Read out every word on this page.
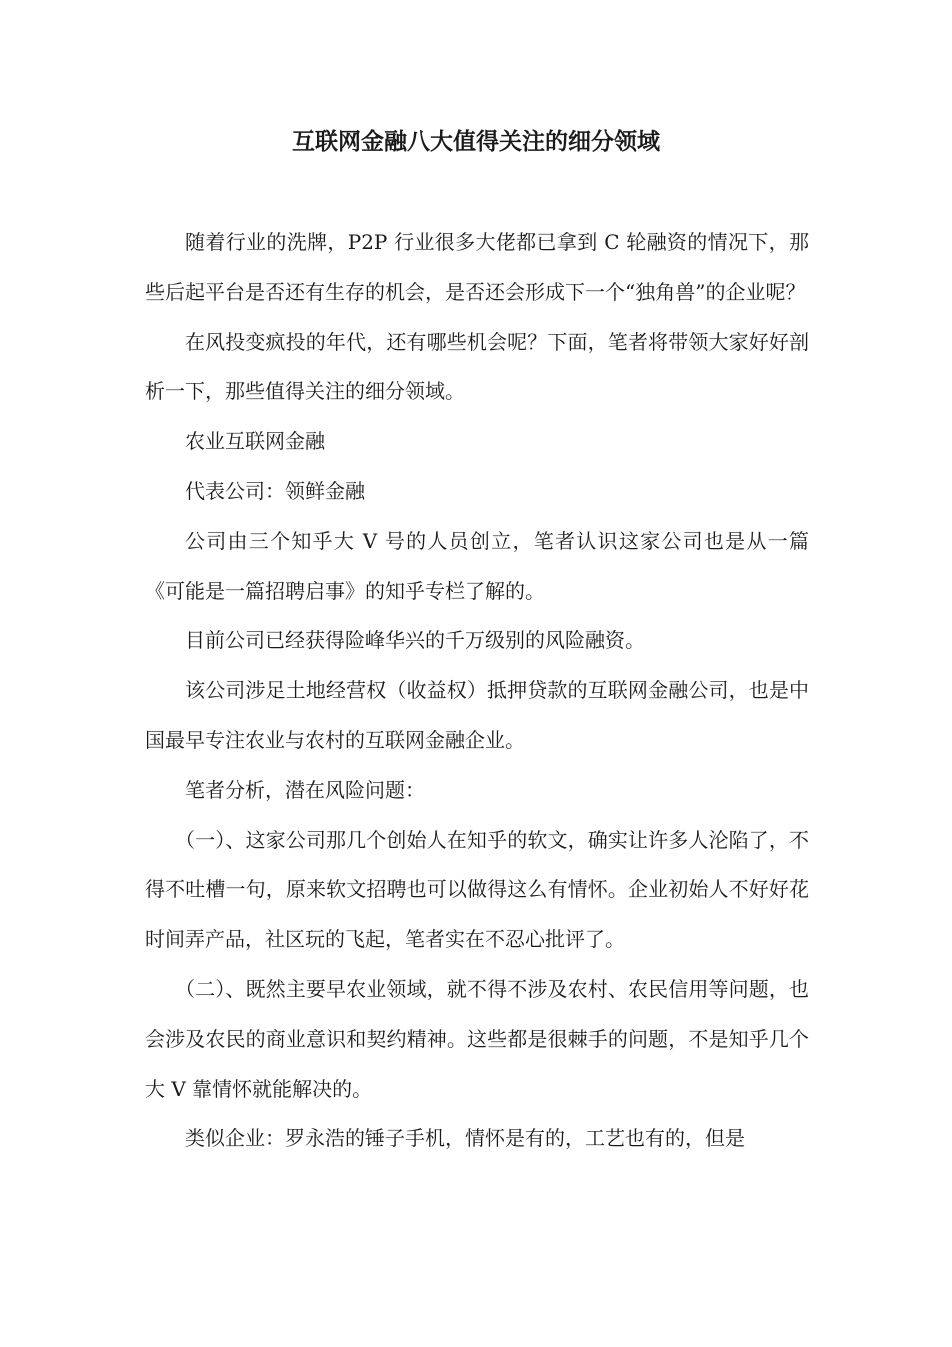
互联网金融八大值得关注的细分领域

随着行业的洗牌，P2P 行业很多大佬都已拿到 C 轮融资的情况下，那些后起平台是否还有生存的机会，是否还会形成下一个“独角兽”的企业呢？

在风投变疯投的年代，还有哪些机会呢？下面，笔者将带领大家好好剖析一下，那些值得关注的细分领域。

农业互联网金融

代表公司：领鲜金融

公司由三个知乎大 V 号的人员创立，笔者认识这家公司也是从一篇《可能是一篇招聘启事》的知乎专栏了解的。

目前公司已经获得险峰华兴的千万级别的风险融资。

该公司涉足土地经营权（收益权）抵押贷款的互联网金融公司，也是中国最早专注农业与农村的互联网金融企业。

笔者分析，潜在风险问题：

（一）、这家公司那几个创始人在知乎的软文，确实让许多人沦陷了，不得不吐槽一句，原来软文招聘也可以做得这么有情怀。企业初始人不好好花时间弄产品，社区玩的飞起，笔者实在不忍心批评了。

（二）、既然主要早农业领域，就不得不涉及农村、农民信用等问题，也会涉及农民的商业意识和契约精神。这些都是很棘手的问题，不是知乎几个大 V 靠情怀就能解决的。

类似企业：罗永浩的锤子手机，情怀是有的，工艺也有的，但是
